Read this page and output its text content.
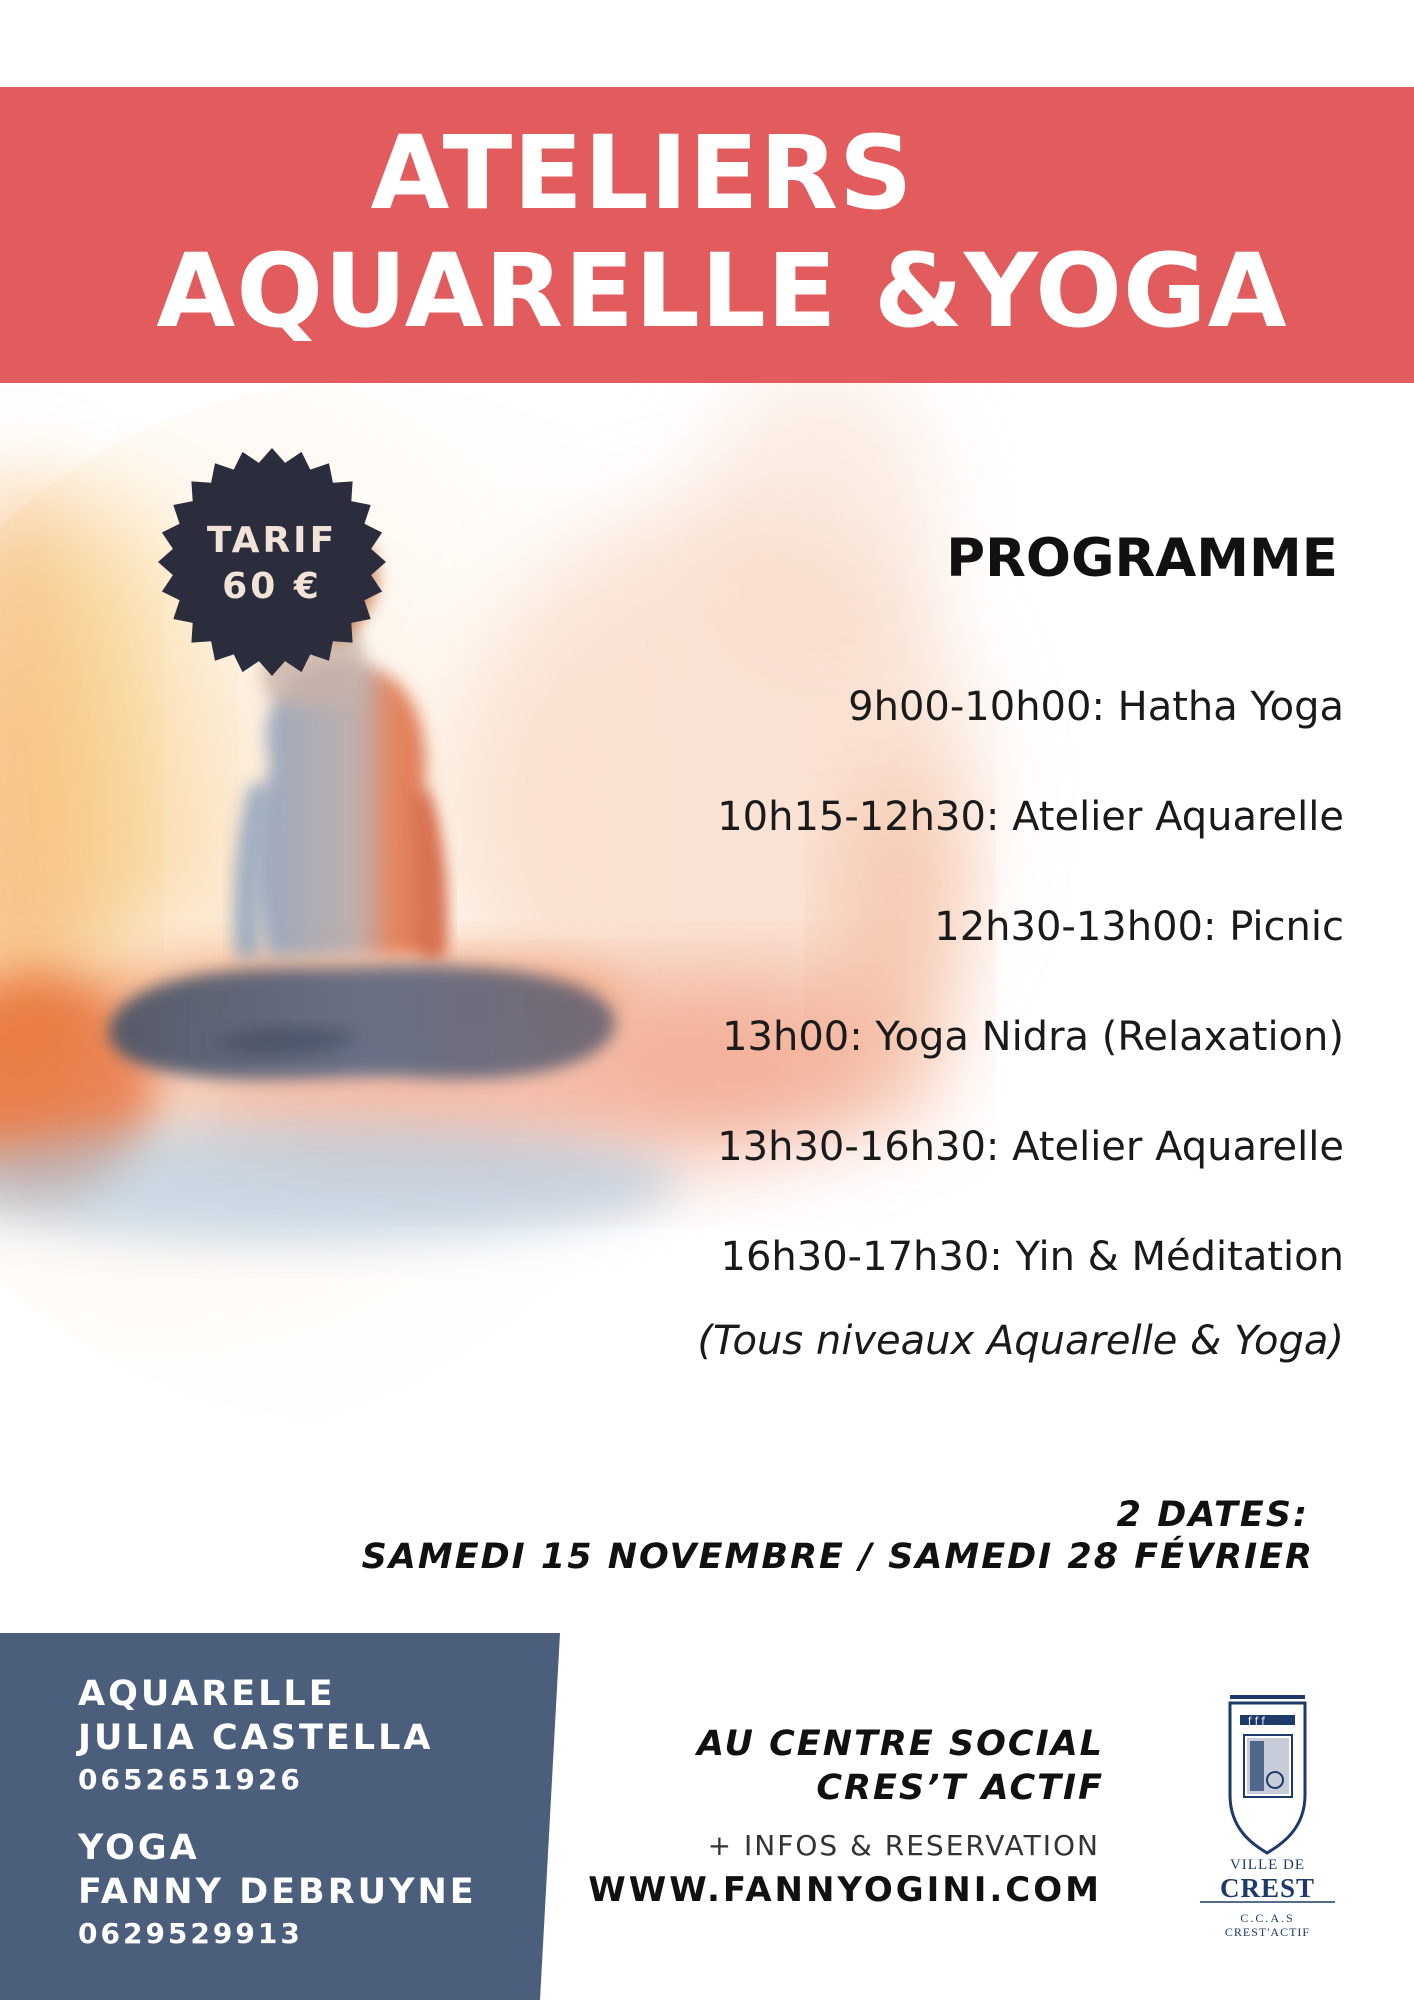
ATELIERS
AQUARELLE &YOGA
TARIF
60 €	PROGRAMME
9h00-10h00: Hatha Yoga
10h15-12h30: Atelier Aquarelle
12h30-13h00: Picnic
13h00: Yoga Nidra (Relaxation)
13h30-16h30: Atelier Aquarelle
16h30-17h30: Yin & Méditation

(Tous niveaux Aquarelle & Yoga)

2 DATES:
SAMEDI 15 NOVEMBRE / SAMEDI 28 FÉVRIER
AQUARELLE
JULIA CASTELLA
0652651926
YOGA
FANNY DEBRUYNE
0629529913
AU CENTRE SOCIAL
CRES’T ACTIF
+ INFOS & RESERVATION
WWW.FANNYOGINI.COM
ƒ ƒ ƒ
VILLE DE
CREST
C.C.A.S
CREST'ACTIF
